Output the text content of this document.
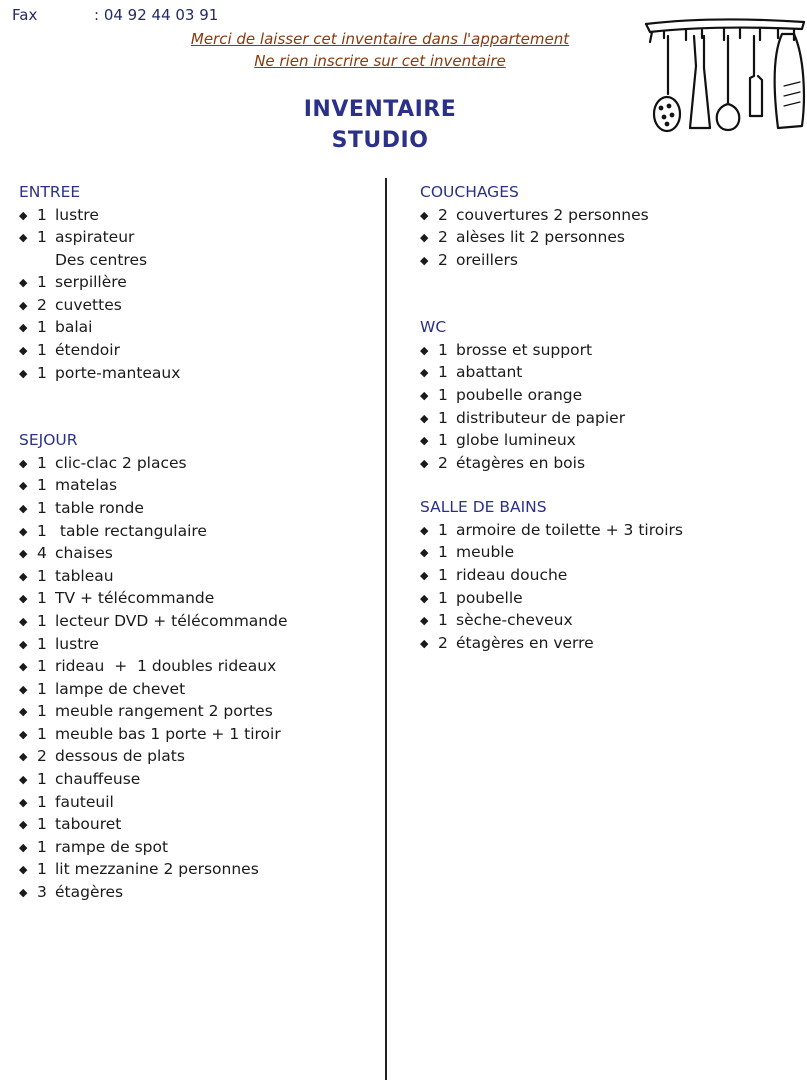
Fax	: 04 92 44 03 91
Merci de laisser cet inventaire dans l'appartement
Ne rien inscrire sur cet inventaire
INVENTAIRE
STUDIO
ENTREE
◆ 1 lustre
◆ 1 aspirateur
Des centres
◆ 1 serpillère
◆ 2 cuvettes
◆ 1 balai
◆ 1 étendoir
◆ 1 porte-manteaux
SEJOUR
◆ 1 clic-clac 2 places
◆ 1 matelas
◆ 1 table ronde
◆ 1 table rectangulaire
◆ 4 chaises
◆ 1 tableau
◆ 1 TV + télécommande
◆ 1 lecteur DVD + télécommande
◆ 1 lustre
◆ 1 rideau  +  1 doubles rideaux
◆ 1 lampe de chevet
◆ 1 meuble rangement 2 portes
◆ 1 meuble bas 1 porte + 1 tiroir
◆ 2 dessous de plats
◆ 1 chauffeuse
◆ 1 fauteuil
◆ 1 tabouret
◆ 1 rampe de spot
◆ 1 lit mezzanine 2 personnes
◆ 3 étagères
COUCHAGES
◆ 2 couvertures 2 personnes
◆ 2 alèses lit 2 personnes
◆ 2 oreillers
WC
◆ 1 brosse et support
◆ 1 abattant
◆ 1 poubelle orange
◆ 1 distributeur de papier
◆ 1 globe lumineux
◆ 2 étagères en bois
SALLE DE BAINS
◆ 1 armoire de toilette + 3 tiroirs
◆ 1 meuble
◆ 1 rideau douche
◆ 1 poubelle
◆ 1 sèche-cheveux
◆ 2 étagères en verre
